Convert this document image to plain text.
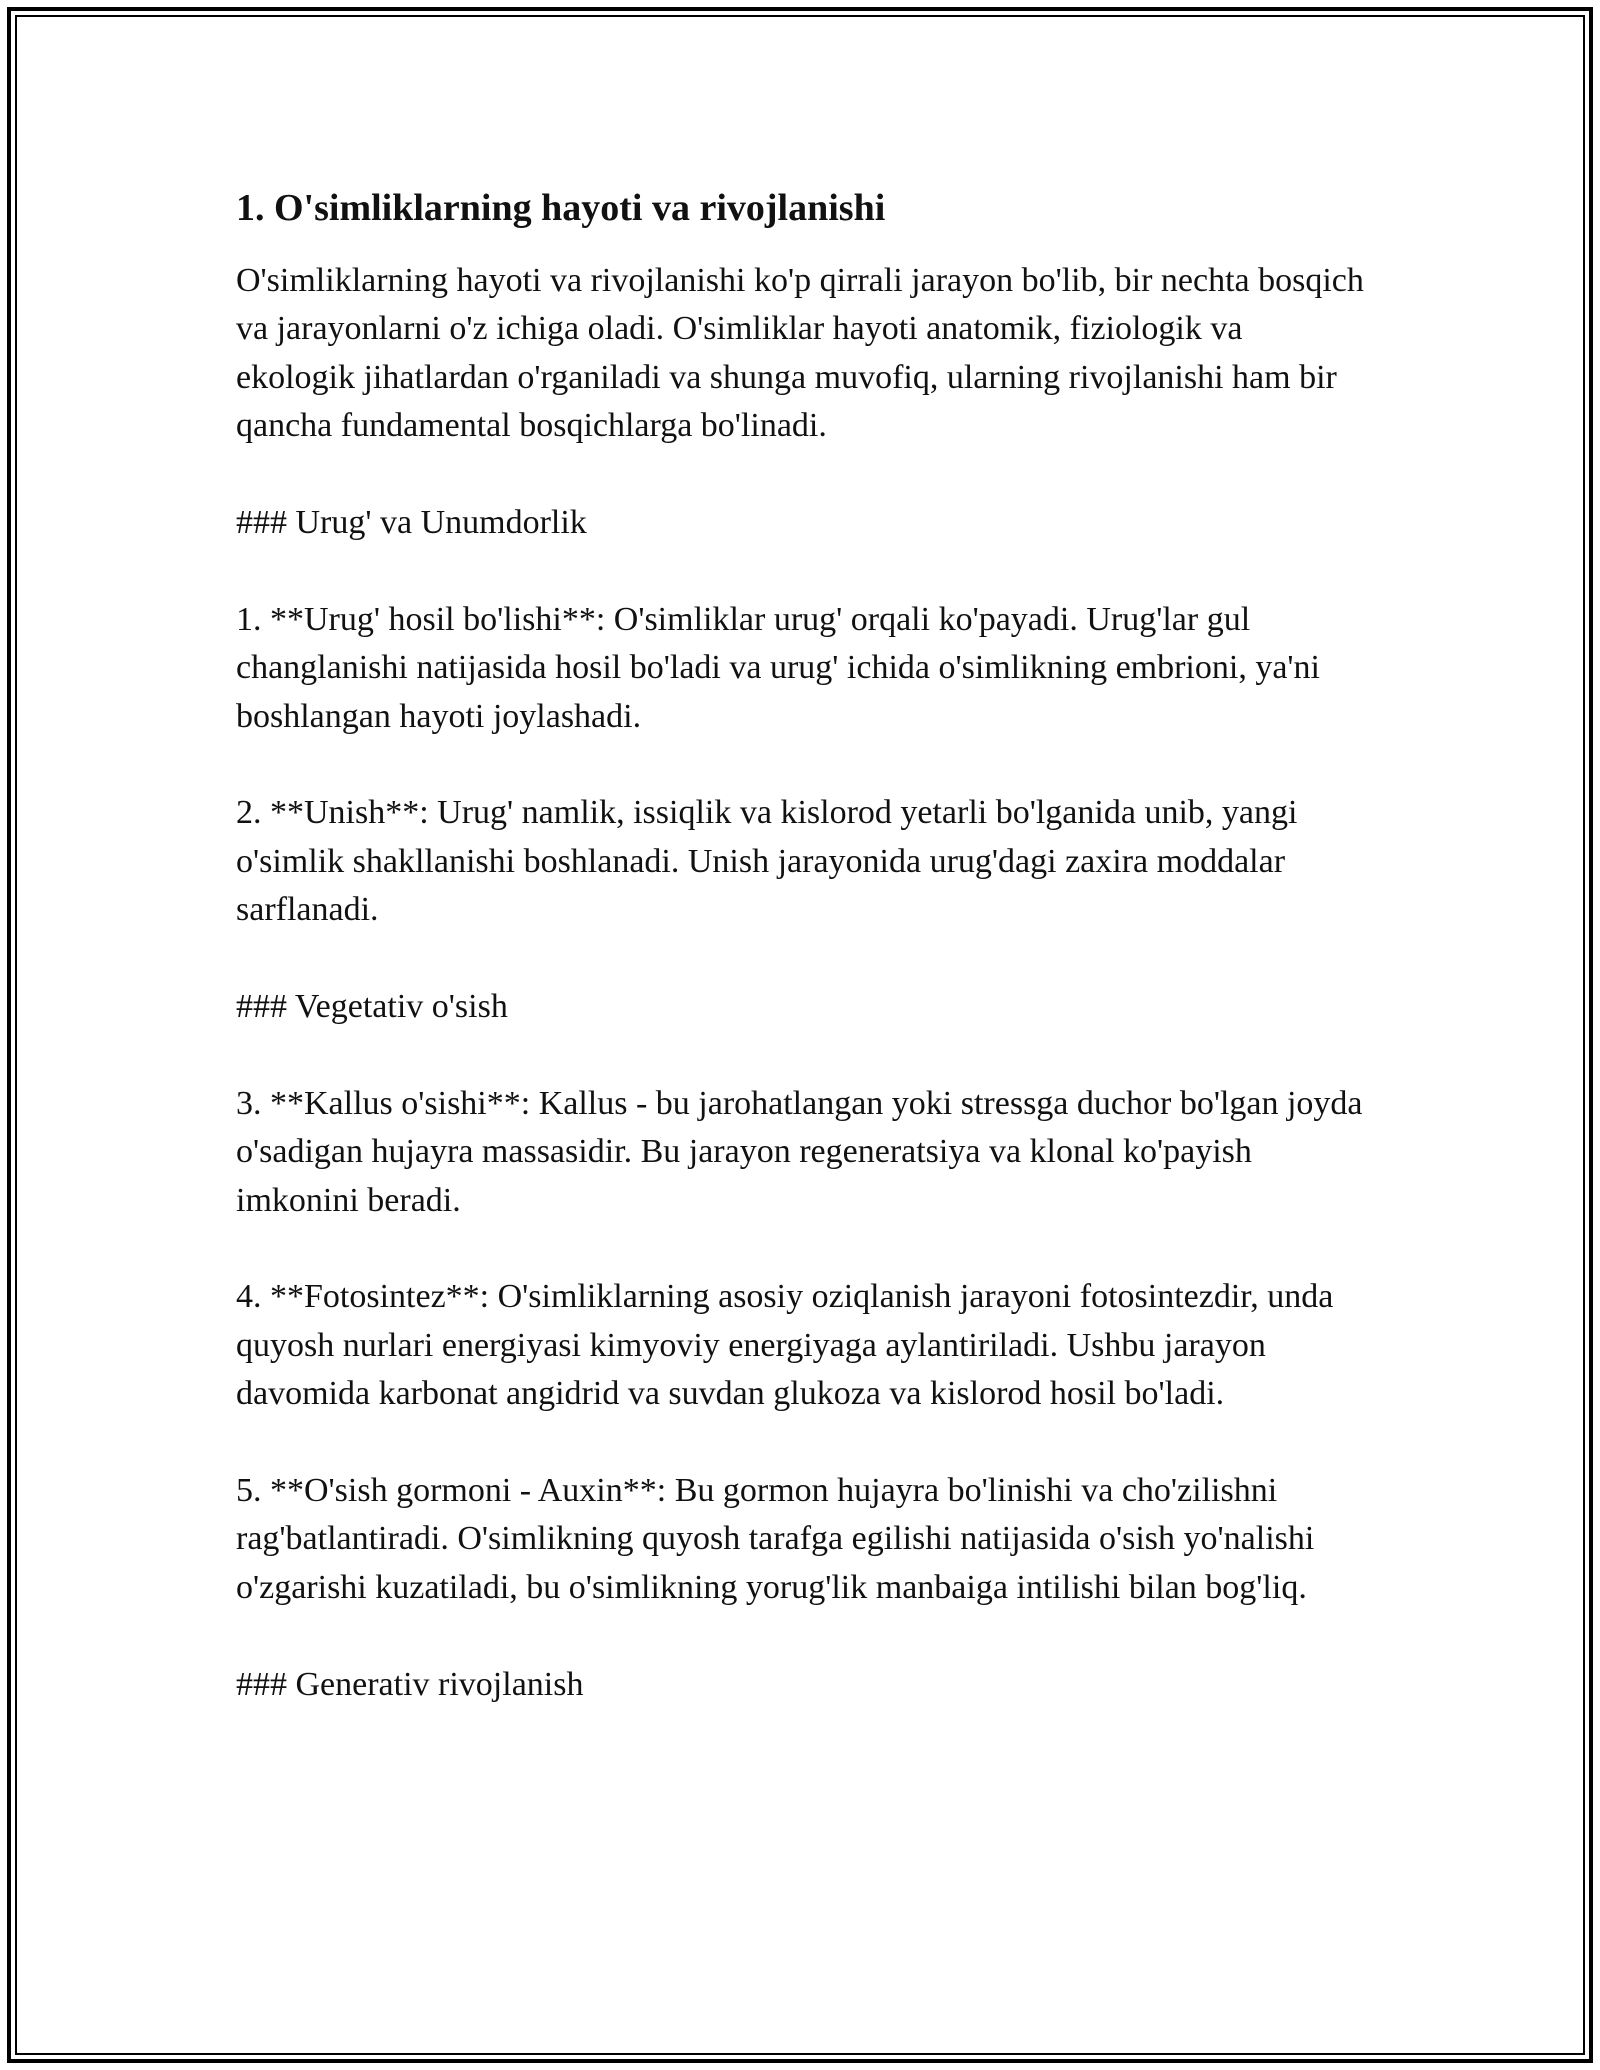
1. O'simliklarning hayoti va rivojlanishi

O'simliklarning hayoti va rivojlanishi ko'p qirrali jarayon bo'lib, bir nechta bosqich va jarayonlarni o'z ichiga oladi. O'simliklar hayoti anatomik, fiziologik va ekologik jihatlardan o'rganiladi va shunga muvofiq, ularning rivojlanishi ham bir qancha fundamental bosqichlarga bo'linadi.

### Urug' va Unumdorlik

1. **Urug' hosil bo'lishi**: O'simliklar urug' orqali ko'payadi. Urug'lar gul changlanishi natijasida hosil bo'ladi va urug' ichida o'simlikning embrioni, ya'ni boshlangan hayoti joylashadi.

2. **Unish**: Urug' namlik, issiqlik va kislorod yetarli bo'lganida unib, yangi o'simlik shakllanishi boshlanadi. Unish jarayonida urug'dagi zaxira moddalar sarflanadi.

### Vegetativ o'sish

3. **Kallus o'sishi**: Kallus - bu jarohatlangan yoki stressga duchor bo'lgan joyda o'sadigan hujayra massasidir. Bu jarayon regeneratsiya va klonal ko'payish imkonini beradi.

4. **Fotosintez**: O'simliklarning asosiy oziqlanish jarayoni fotosintezdir, unda quyosh nurlari energiyasi kimyoviy energiyaga aylantiriladi. Ushbu jarayon davomida karbonat angidrid va suvdan glukoza va kislorod hosil bo'ladi.

5. **O'sish gormoni - Auxin**: Bu gormon hujayra bo'linishi va cho'zilishni rag'batlantiradi. O'simlikning quyosh tarafga egilishi natijasida o'sish yo'nalishi o'zgarishi kuzatiladi, bu o'simlikning yorug'lik manbaiga intilishi bilan bog'liq.

### Generativ rivojlanish
